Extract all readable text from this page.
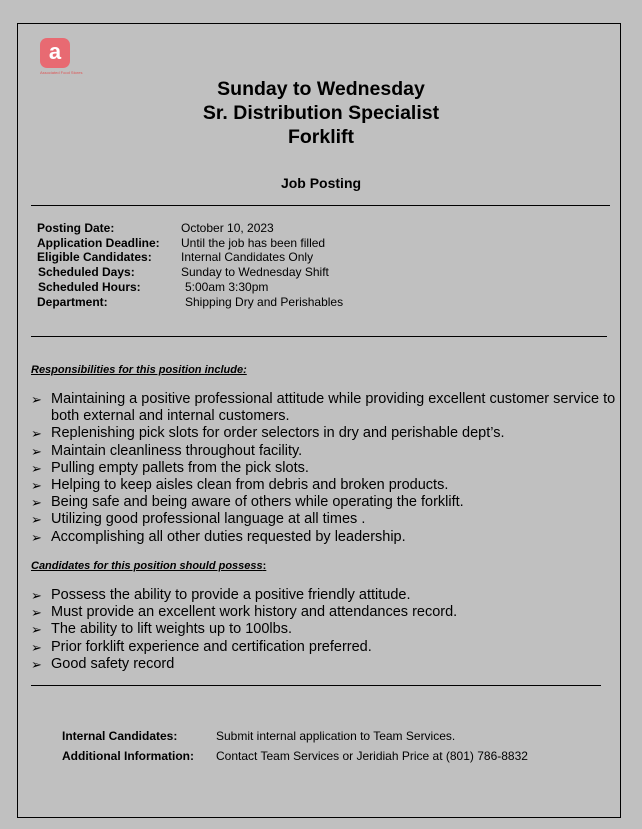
a
Associated Food Stores
Sunday to Wednesday
Sr. Distribution Specialist
Forklift
Job Posting
Posting Date:	October 10, 2023
Application Deadline:	Until the job has been filled
Eligible Candidates:	Internal Candidates Only
Scheduled Days:	Sunday to Wednesday Shift
Scheduled Hours:	5:00am 3:30pm
Department:	Shipping Dry and Perishables
Responsibilities for this position include:
➢ Maintaining a positive professional attitude while providing excellent customer service to both external and internal customers.
➢ Replenishing pick slots for order selectors in dry and perishable dept’s.
➢ Maintain cleanliness throughout facility.
➢ Pulling empty pallets from the pick slots.
➢ Helping to keep aisles clean from debris and broken products.
➢ Being safe and being aware of others while operating the forklift.
➢ Utilizing good professional language at all times .
➢ Accomplishing all other duties requested by leadership.
Candidates for this position should possess:
➢ Possess the ability to provide a positive friendly attitude.
➢ Must provide an excellent work history and attendances record.
➢ The ability to lift weights up to 100lbs.
➢ Prior forklift experience and certification preferred.
➢ Good safety record
Internal Candidates:	Submit internal application to Team Services.
Additional Information:	Contact Team Services or Jeridiah Price at (801) 786-8832
